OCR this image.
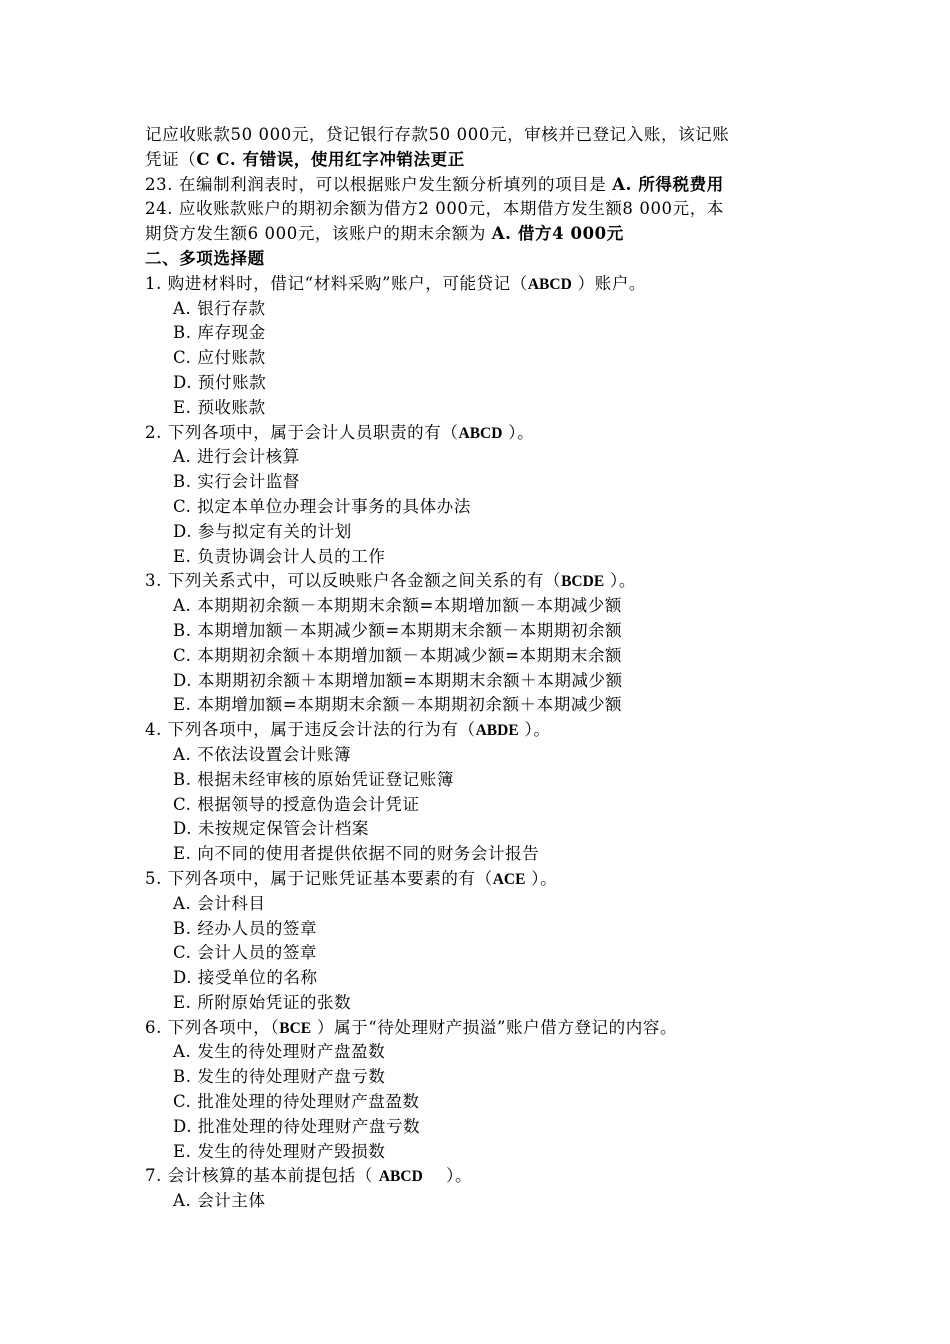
记应收账款50 000元，贷记银行存款50 000元，审核并已登记入账，该记账
凭证（C C. 有错误，使用红字冲销法更正
23. 在编制利润表时，可以根据账户发生额分析填列的项目是 A. 所得税费用
24. 应收账款账户的期初余额为借方2 000元，本期借方发生额8 000元，本
期贷方发生额6 000元，该账户的期末余额为 A. 借方4 000元
二、多项选择题
1. 购进材料时，借记“材料采购”账户，可能贷记（ABCD ）账户。
A. 银行存款
B. 库存现金
C. 应付账款
D. 预付账款
E. 预收账款
2. 下列各项中，属于会计人员职责的有（ABCD ）。
A. 进行会计核算
B. 实行会计监督
C. 拟定本单位办理会计事务的具体办法
D. 参与拟定有关的计划
E. 负责协调会计人员的工作
3. 下列关系式中，可以反映账户各金额之间关系的有（BCDE ）。
A. 本期期初余额－本期期末余额=本期增加额－本期减少额
B. 本期增加额－本期减少额=本期期末余额－本期期初余额
C. 本期期初余额＋本期增加额－本期减少额=本期期末余额
D. 本期期初余额＋本期增加额=本期期末余额＋本期减少额
E. 本期增加额=本期期末余额－本期期初余额＋本期减少额
4. 下列各项中，属于违反会计法的行为有（ABDE ）。
A. 不依法设置会计账簿
B. 根据未经审核的原始凭证登记账簿
C. 根据领导的授意伪造会计凭证
D. 未按规定保管会计档案
E. 向不同的使用者提供依据不同的财务会计报告
5. 下列各项中，属于记账凭证基本要素的有（ACE ）。
A. 会计科目
B. 经办人员的签章
C. 会计人员的签章
D. 接受单位的名称
E. 所附原始凭证的张数
6. 下列各项中，（BCE ）属于“待处理财产损溢”账户借方登记的内容。
A. 发生的待处理财产盘盈数
B. 发生的待处理财产盘亏数
C. 批准处理的待处理财产盘盈数
D. 批准处理的待处理财产盘亏数
E. 发生的待处理财产毁损数
7. 会计核算的基本前提包括（ ABCD    ）。
A. 会计主体
